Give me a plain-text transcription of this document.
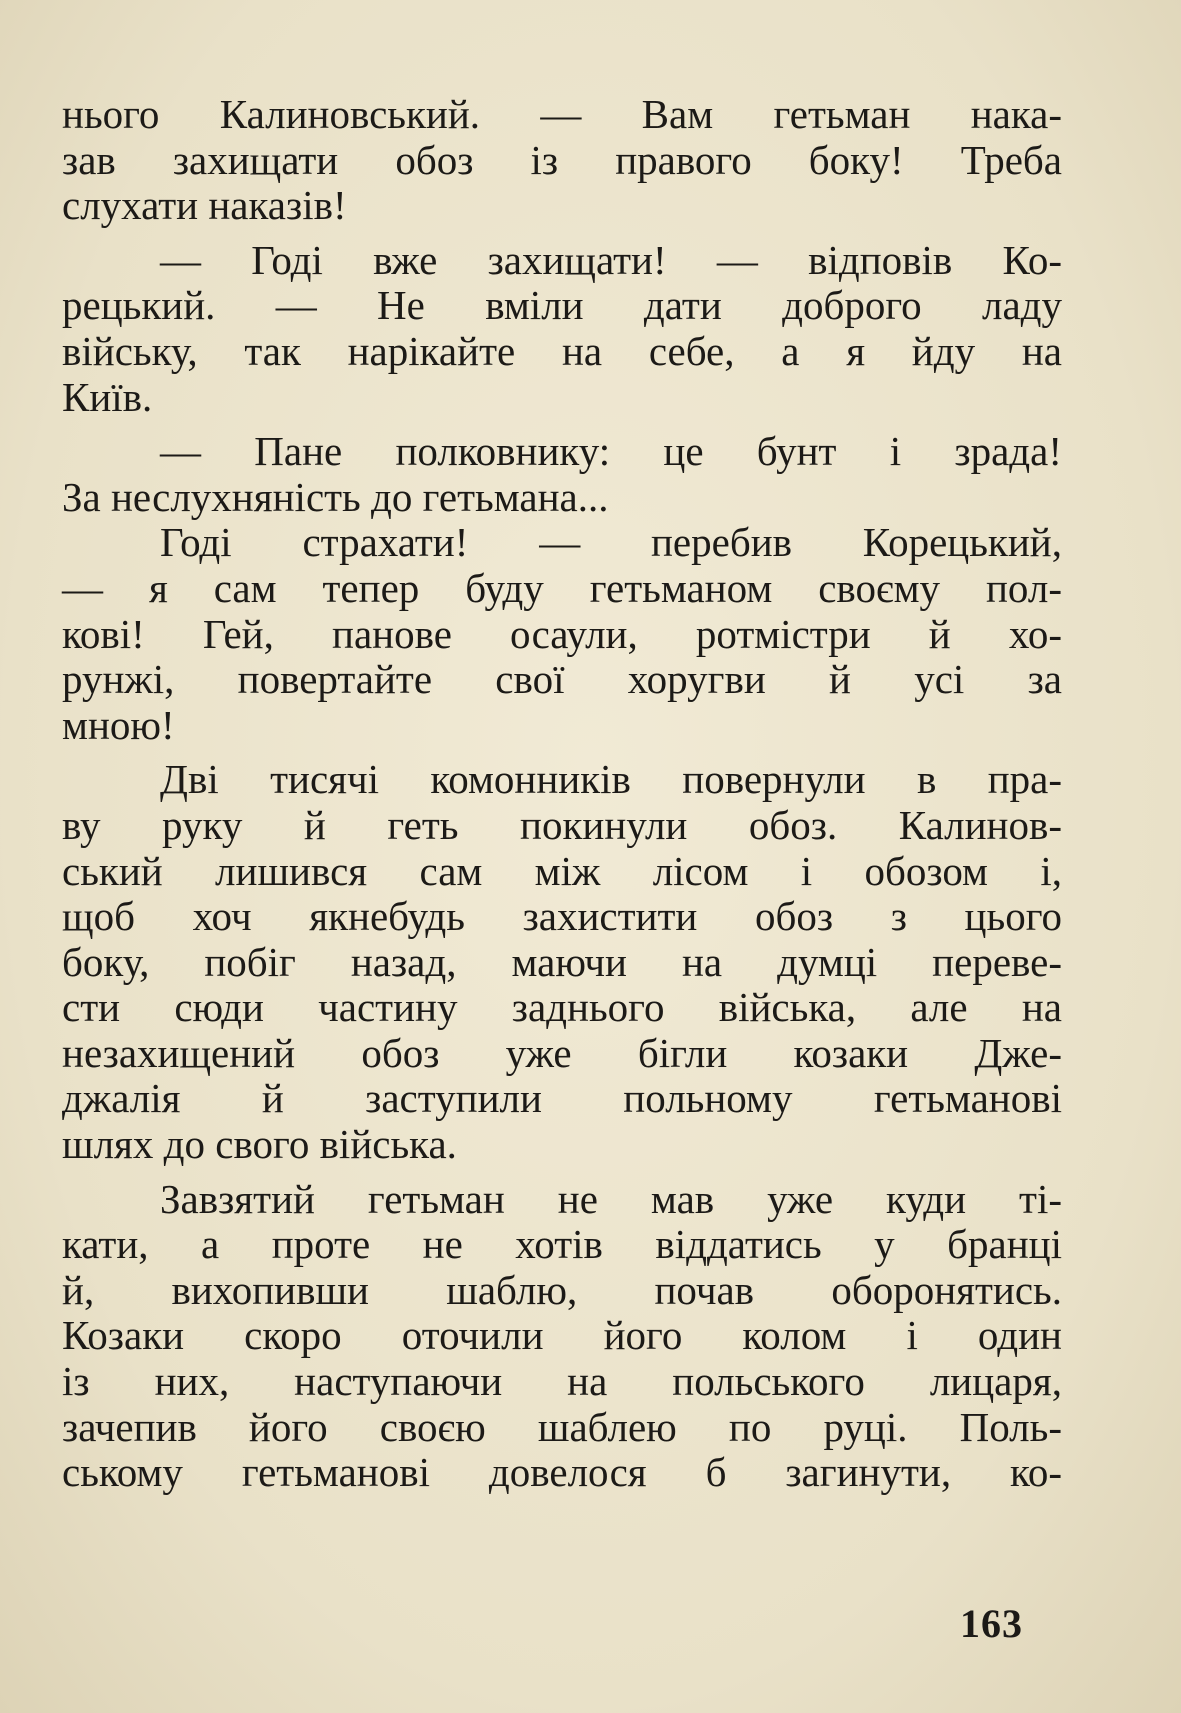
нього Калиновський. — Вам гетьман нака-
зав захищати обоз із правого боку! Треба
слухати наказів!
— Годі вже захищати! — відповів Ко-
рецький. — Не вміли дати доброго ладу
війську, так нарікайте на себе, а я йду на
Київ.
— Пане полковнику: це бунт і зрада!
За неслухняність до гетьмана...
Годі страхати! — перебив Корецький,
— я сам тепер буду гетьманом своєму пол-
кові! Гей, панове осаули, ротмістри й хо-
рунжі, повертайте свої хоругви й усі за
мною!
Дві тисячі комонників повернули в пра-
ву руку й геть покинули обоз. Калинов-
ський лишився сам між лісом і обозом і,
щоб хоч якнебудь захистити обоз з цього
боку, побіг назад, маючи на думці переве-
сти сюди частину заднього війська, але на
незахищений обоз уже бігли козаки Дже-
джалія й заступили польному гетьманові
шлях до свого війська.
Завзятий гетьман не мав уже куди ті-
кати, а проте не хотів віддатись у бранці
й, вихопивши шаблю, почав оборонятись.
Козаки скоро оточили його колом і один
із них, наступаючи на польського лицаря,
зачепив його своєю шаблею по руці. Поль-
ському гетьманові довелося б загинути, ко-
163
